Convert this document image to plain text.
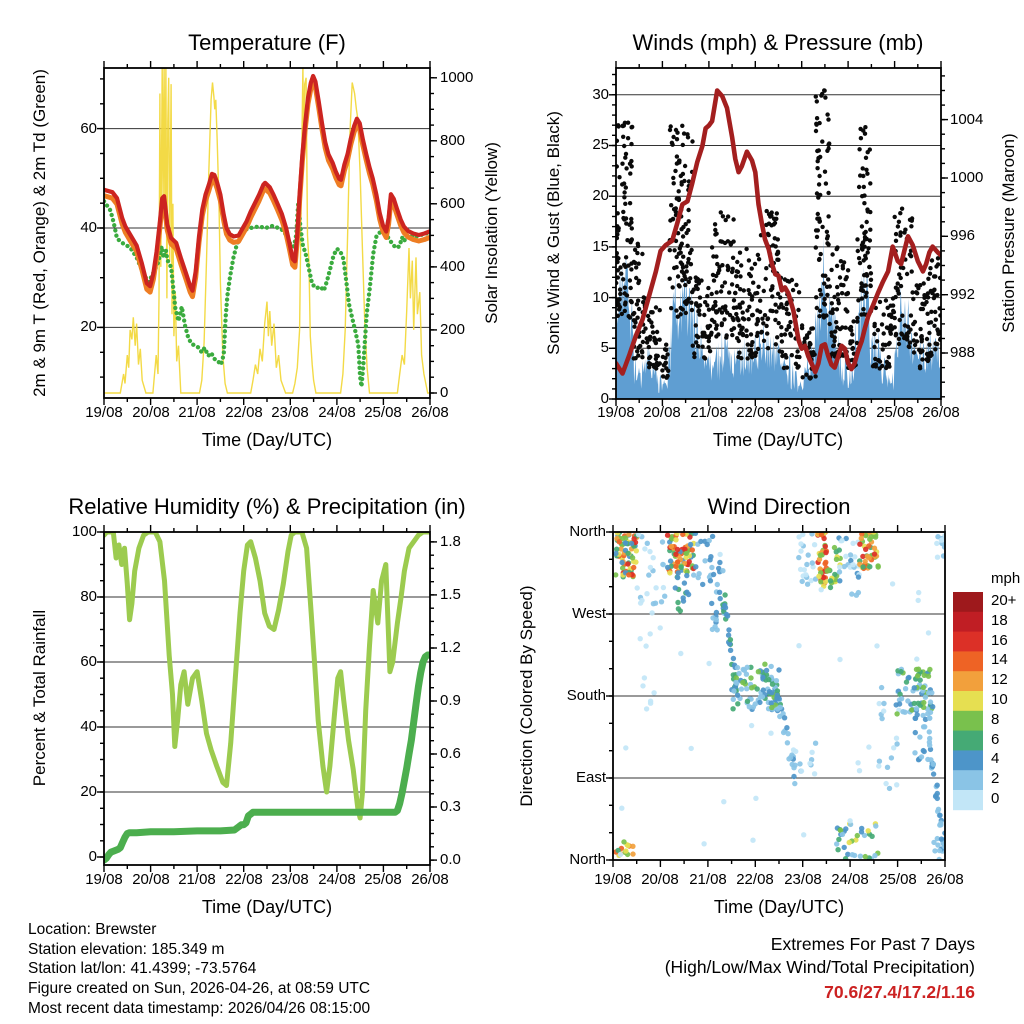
Temperature (F)	Winds (mph) & Pressure (mb)
Relative Humidity (%) & Precipitation (in)	Wind Direction
2m & 9m T (Red, Orange) & 2m Td (Green)	Solar Insolation (Yellow)	Sonic Wind & Gust (Blue, Black)	Station Pressure (Maroon)
Percent & Total Rainfall	Direction (Colored By Speed)
Time (Day/UTC)	Time (Day/UTC)
Time (Day/UTC)	Time (Day/UTC)
mph
Location: Brewster
Station elevation: 185.349 m
Station lat/lon: 41.4399; -73.5764
Figure created on Sun, 2026-04-26, at 08:59 UTC
Most recent data timestamp: 2026/04/26 08:15:00
Extremes For Past 7 Days
(High/Low/Max Wind/Total Precipitation)
70.6/27.4/17.2/1.16
20+
18
16
14
12
10
8
6
4
2
0
19/08	19/08
19/08	19/08
20/08	20/08
20/08	20/08
21/08	21/08
21/08	21/08
22/08	22/08
22/08	22/08
23/08	23/08
23/08	23/08
24/08	24/08
24/08	24/08
25/08	25/08
25/08	25/08
26/08	26/08
26/08	26/08
20
40
60
0
200
400
600
800
1000
0
5
10
15
20
25
30
988
992
996
1000
1004
0
20
40
60
80
100
0.0
0.3
0.6
0.9
1.2
1.5
1.8
North
West
South
East
North
